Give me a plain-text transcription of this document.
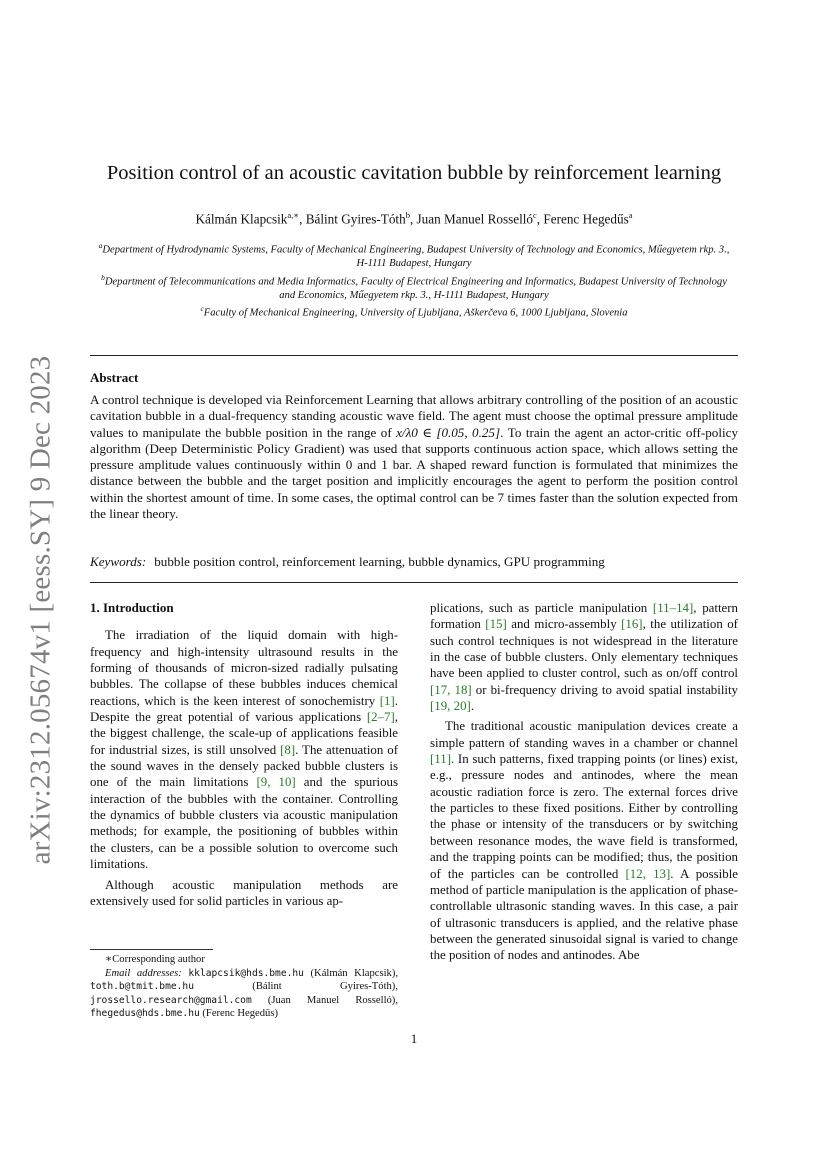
arXiv:2312.05674v1 [eess.SY] 9 Dec 2023
Position control of an acoustic cavitation bubble by reinforcement learning
Kálmán Klapcsik$^{a,∗}$, Bálint Gyires-Tóth$^b$, Juan Manuel Rosselló$^c$, Ferenc Hegedűs$^a$

$^a$Department of Hydrodynamic Systems, Faculty of Mechanical Engineering, Budapest University of Technology and Economics, Műegyetem rkp. 3., H-1111 Budapest, Hungary

$^b$Department of Telecommunications and Media Informatics, Faculty of Electrical Engineering and Informatics, Budapest University of Technology and Economics, Műegyetem rkp. 3., H-1111 Budapest, Hungary

$^c$Faculty of Mechanical Engineering, University of Ljubljana, Aškerčeva 6, 1000 Ljubljana, Slovenia

Abstract

A control technique is developed via Reinforcement Learning that allows arbitrary controlling of the position of an acoustic cavitation bubble in a dual-frequency standing acoustic wave field. The agent must choose the optimal pressure amplitude values to manipulate the bubble position in the range of x/λ0 ∈ [0.05, 0.25]. To train the agent an actor-critic off-policy algorithm (Deep Deterministic Policy Gradient) was used that supports continuous action space, which allows setting the pressure amplitude values continuously within 0 and 1 bar. A shaped reward function is formulated that minimizes the distance between the bubble and the target position and implicitly encourages the agent to perform the position control within the shortest amount of time. In some cases, the optimal control can be 7 times faster than the solution expected from the linear theory.

Keywords: bubble position control, reinforcement learning, bubble dynamics, GPU programming

1. Introduction

The irradiation of the liquid domain with high-frequency and high-intensity ultrasound results in the forming of thousands of micron-sized radially pulsating bubbles. The collapse of these bubbles induces chemical reactions, which is the keen interest of sonochemistry [1]. Despite the great potential of various applications [2–7], the biggest challenge, the scale-up of applications feasible for industrial sizes, is still unsolved [8]. The attenuation of the sound waves in the densely packed bubble clusters is one of the main limitations [9, 10] and the spurious interaction of the bubbles with the container. Controlling the dynamics of bubble clusters via acoustic manipulation methods; for example, the positioning of bubbles within the clusters, can be a possible solution to overcome such limitations.

Although acoustic manipulation methods are extensively used for solid particles in various ap-

plications, such as particle manipulation [11–14], pattern formation [15] and micro-assembly [16], the utilization of such control techniques is not widespread in the literature in the case of bubble clusters. Only elementary techniques have been applied to cluster control, such as on/off control [17, 18] or bi-frequency driving to avoid spatial instability [19, 20].

The traditional acoustic manipulation devices create a simple pattern of standing waves in a chamber or channel [11]. In such patterns, fixed trapping points (or lines) exist, e.g., pressure nodes and antinodes, where the mean acoustic radiation force is zero. The external forces drive the particles to these fixed positions. Either by controlling the phase or intensity of the transducers or by switching between resonance modes, the wave field is transformed, and the trapping points can be modified; thus, the position of the particles can be controlled [12, 13]. A possible method of particle manipulation is the application of phase-controllable ultrasonic standing waves. In this case, a pair of ultrasonic transducers is applied, and the relative phase between the generated sinusoidal signal is varied to change the position of nodes and antinodes. Abe

∗Corresponding author

Email addresses: kklapcsik@hds.bme.hu (Kálmán Klapcsik), toth.b@tmit.bme.hu (Bálint Gyires-Tóth), jrossello.research@gmail.com (Juan Manuel Rosselló), fhegedus@hds.bme.hu (Ferenc Hegedűs)

1
